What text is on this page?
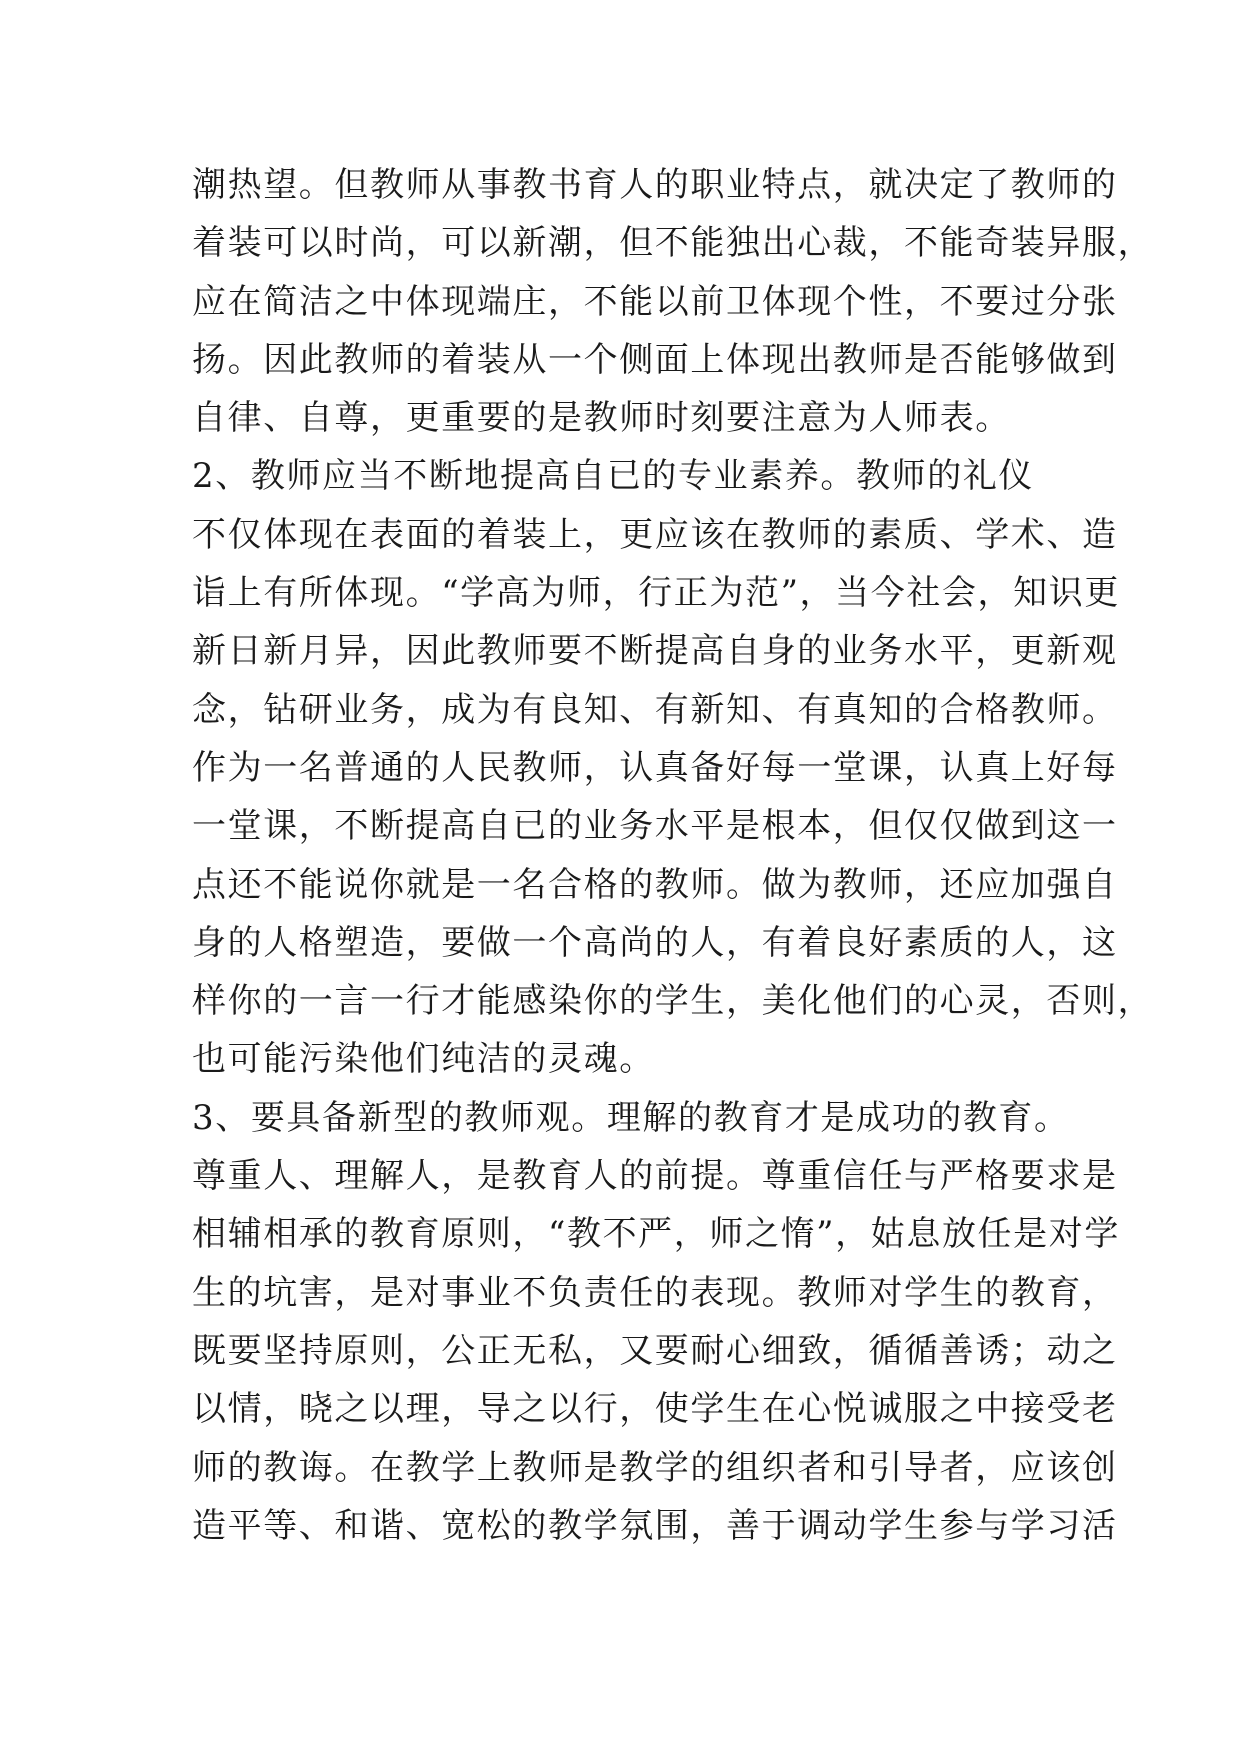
潮热望。但教师从事教书育人的职业特点，就决定了教师的
着装可以时尚，可以新潮，但不能独出心裁，不能奇装异服，
应在简洁之中体现端庄，不能以前卫体现个性，不要过分张
扬。因此教师的着装从一个侧面上体现出教师是否能够做到
自律、自尊，更重要的是教师时刻要注意为人师表。
2、教师应当不断地提高自已的专业素养。教师的礼仪
不仅体现在表面的着装上，更应该在教师的素质、学术、造
诣上有所体现。“学高为师，行正为范”，当今社会，知识更
新日新月异，因此教师要不断提高自身的业务水平，更新观
念，钻研业务，成为有良知、有新知、有真知的合格教师。
作为一名普通的人民教师，认真备好每一堂课，认真上好每
一堂课，不断提高自已的业务水平是根本，但仅仅做到这一
点还不能说你就是一名合格的教师。做为教师，还应加强自
身的人格塑造，要做一个高尚的人，有着良好素质的人，这
样你的一言一行才能感染你的学生，美化他们的心灵，否则，
也可能污染他们纯洁的灵魂。
3、要具备新型的教师观。理解的教育才是成功的教育。
尊重人、理解人，是教育人的前提。尊重信任与严格要求是
相辅相承的教育原则，“教不严，师之惰”，姑息放任是对学
生的坑害，是对事业不负责任的表现。教师对学生的教育，
既要坚持原则，公正无私，又要耐心细致，循循善诱；动之
以情，晓之以理，导之以行，使学生在心悦诚服之中接受老
师的教诲。在教学上教师是教学的组织者和引导者，应该创
造平等、和谐、宽松的教学氛围，善于调动学生参与学习活
